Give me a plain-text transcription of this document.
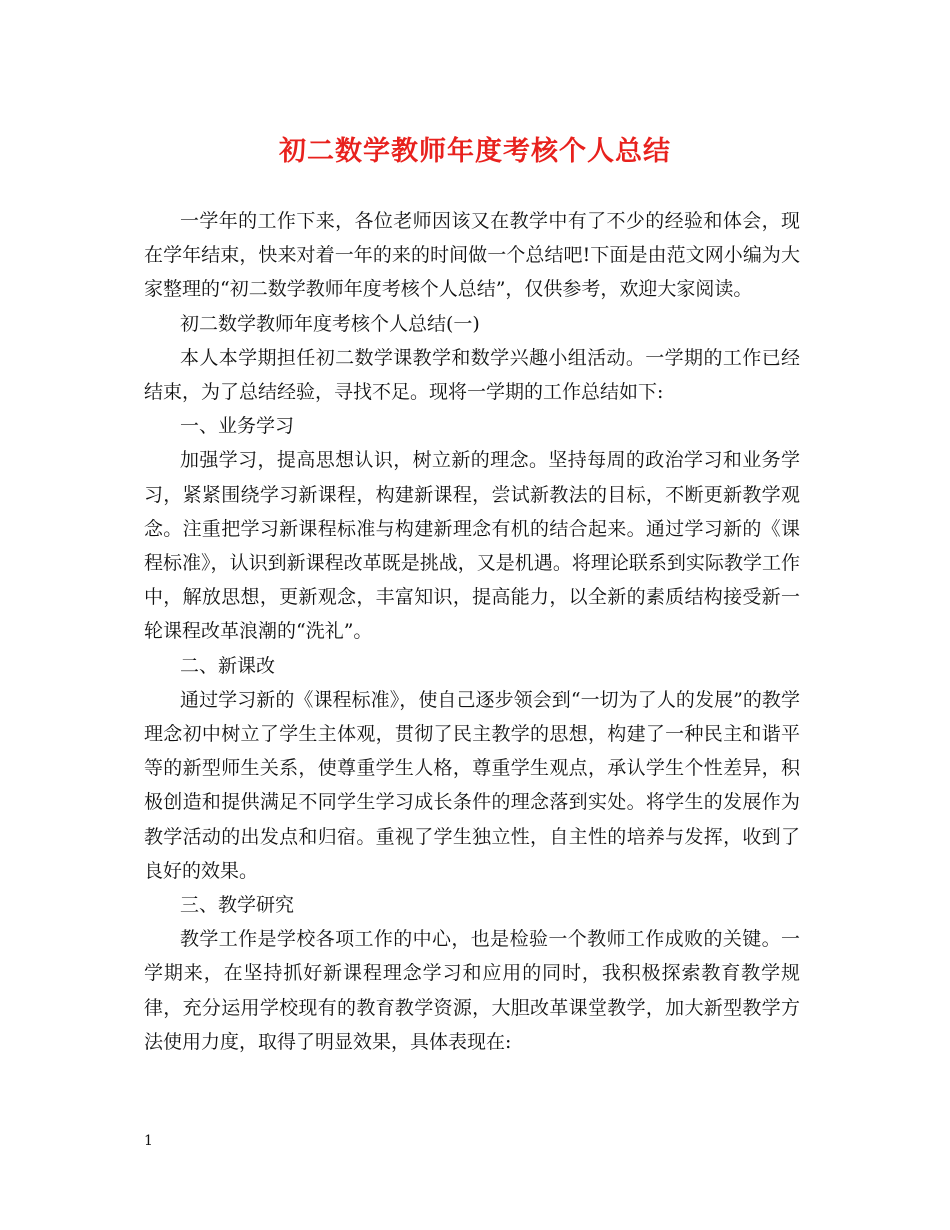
初二数学教师年度考核个人总结

一学年的工作下来，各位老师因该又在教学中有了不少的经验和体会，现在学年结束，快来对着一年的来的时间做一个总结吧!下面是由范文网小编为大家整理的“初二数学教师年度考核个人总结”，仅供参考，欢迎大家阅读。

初二数学教师年度考核个人总结(一)

本人本学期担任初二数学课教学和数学兴趣小组活动。一学期的工作已经结束，为了总结经验，寻找不足。现将一学期的工作总结如下:

一、业务学习

加强学习，提高思想认识，树立新的理念。坚持每周的政治学习和业务学习，紧紧围绕学习新课程，构建新课程，尝试新教法的目标，不断更新教学观念。注重把学习新课程标准与构建新理念有机的结合起来。通过学习新的《课程标准》，认识到新课程改革既是挑战，又是机遇。将理论联系到实际教学工作中，解放思想，更新观念，丰富知识，提高能力，以全新的素质结构接受新一轮课程改革浪潮的“洗礼”。

二、新课改

通过学习新的《课程标准》，使自己逐步领会到“一切为了人的发展”的教学理念初中树立了学生主体观，贯彻了民主教学的思想，构建了一种民主和谐平等的新型师生关系，使尊重学生人格，尊重学生观点，承认学生个性差异，积极创造和提供满足不同学生学习成长条件的理念落到实处。将学生的发展作为教学活动的出发点和归宿。重视了学生独立性，自主性的培养与发挥，收到了良好的效果。

三、教学研究

教学工作是学校各项工作的中心，也是检验一个教师工作成败的关键。一学期来，在坚持抓好新课程理念学习和应用的同时，我积极探索教育教学规律，充分运用学校现有的教育教学资源，大胆改革课堂教学，加大新型教学方法使用力度，取得了明显效果，具体表现在:

1
